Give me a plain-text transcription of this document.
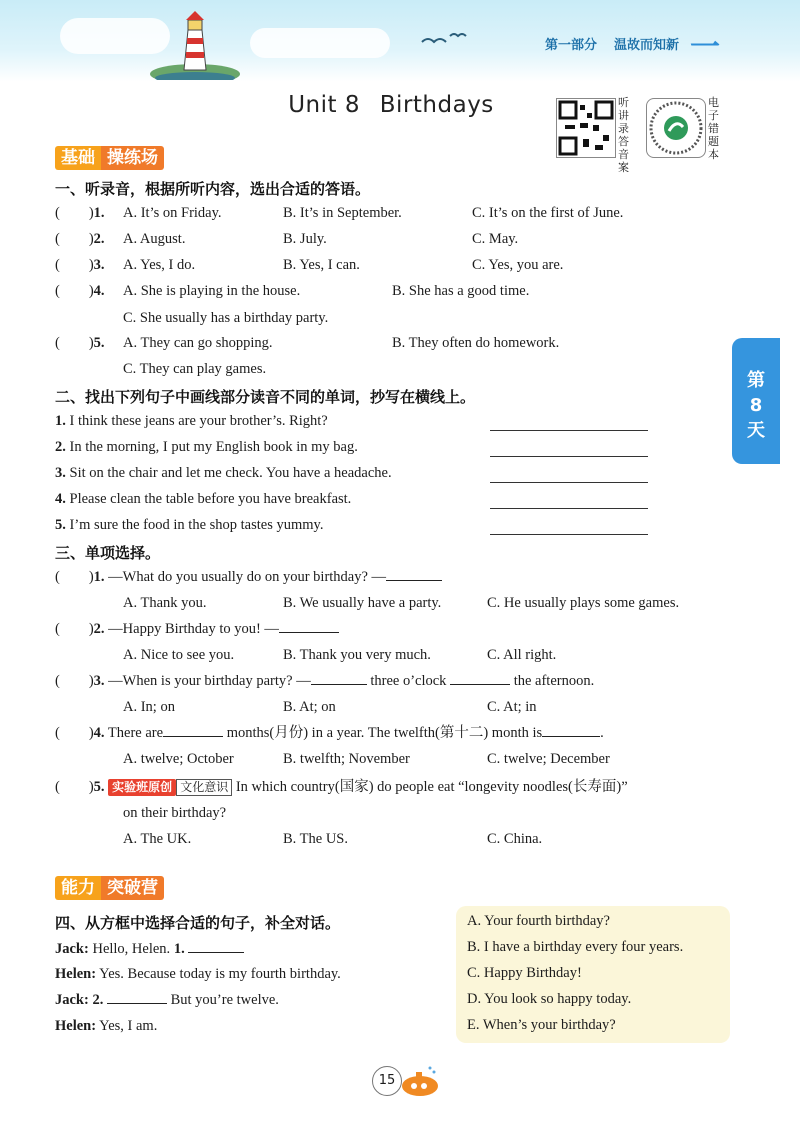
第一部分 温故而知新 一
Unit 8 Birthdays	听讲录答音案
电子错题本
基础 操练场
一、听录音，根据所听内容，选出合适的答语。
(　　)1. A. It’s on Friday.	B. It’s in September.	C. It’s on the first of June.
(　　)2. A. August.	B. July.	C. May.
(　　)3. A. Yes, I do.	B. Yes, I can.	C. Yes, you are.
(　　)4. A. She is playing in the house.	B. She has a good time.
C. She usually has a birthday party.
(　　)5. A. They can go shopping.	B. They often do homework.
C. They can play games.
第8天
二、找出下列句子中画线部分读音不同的单词，抄写在横线上。
1. I think these jeans are your brother’s. Right?
2. In the morning, I put my English book in my bag.
3. Sit on the chair and let me check. You have a headache.
4. Please clean the table before you have breakfast.
5. I’m sure the food in the shop tastes yummy.
三、单项选择。
(　　)1. —What do you usually do on your birthday? —
A. Thank you.	B. We usually have a party.	C. He usually plays some games.
(　　)2. —Happy Birthday to you! —
A. Nice to see you.	B. Thank you very much.	C. All right.
(　　)3. —When is your birthday party? —	three o’clock	the afternoon.
A. In; on	B. At; on	C. At; in
(　　)4. There are	months(月份) in a year. The twelfth(第十二) month is	.
A. twelve; October	B. twelfth; November	C. twelve; December
(　　)5. 实验班原创 文化意识 In which country(国家) do people eat “longevity noodles(长寿面)”
on their birthday?
A. The UK.	B. The US.	C. China.
能力 突破营
四、从方框中选择合适的句子，补全对话。
Jack: Hello, Helen. 1.
Helen: Yes. Because today is my fourth birthday.
Jack: 2.	But you’re twelve.
Helen: Yes, I am.
A. Your fourth birthday?
B. I have a birthday every four years.
C. Happy Birthday!
D. You look so happy today.
E. When’s your birthday?
15
